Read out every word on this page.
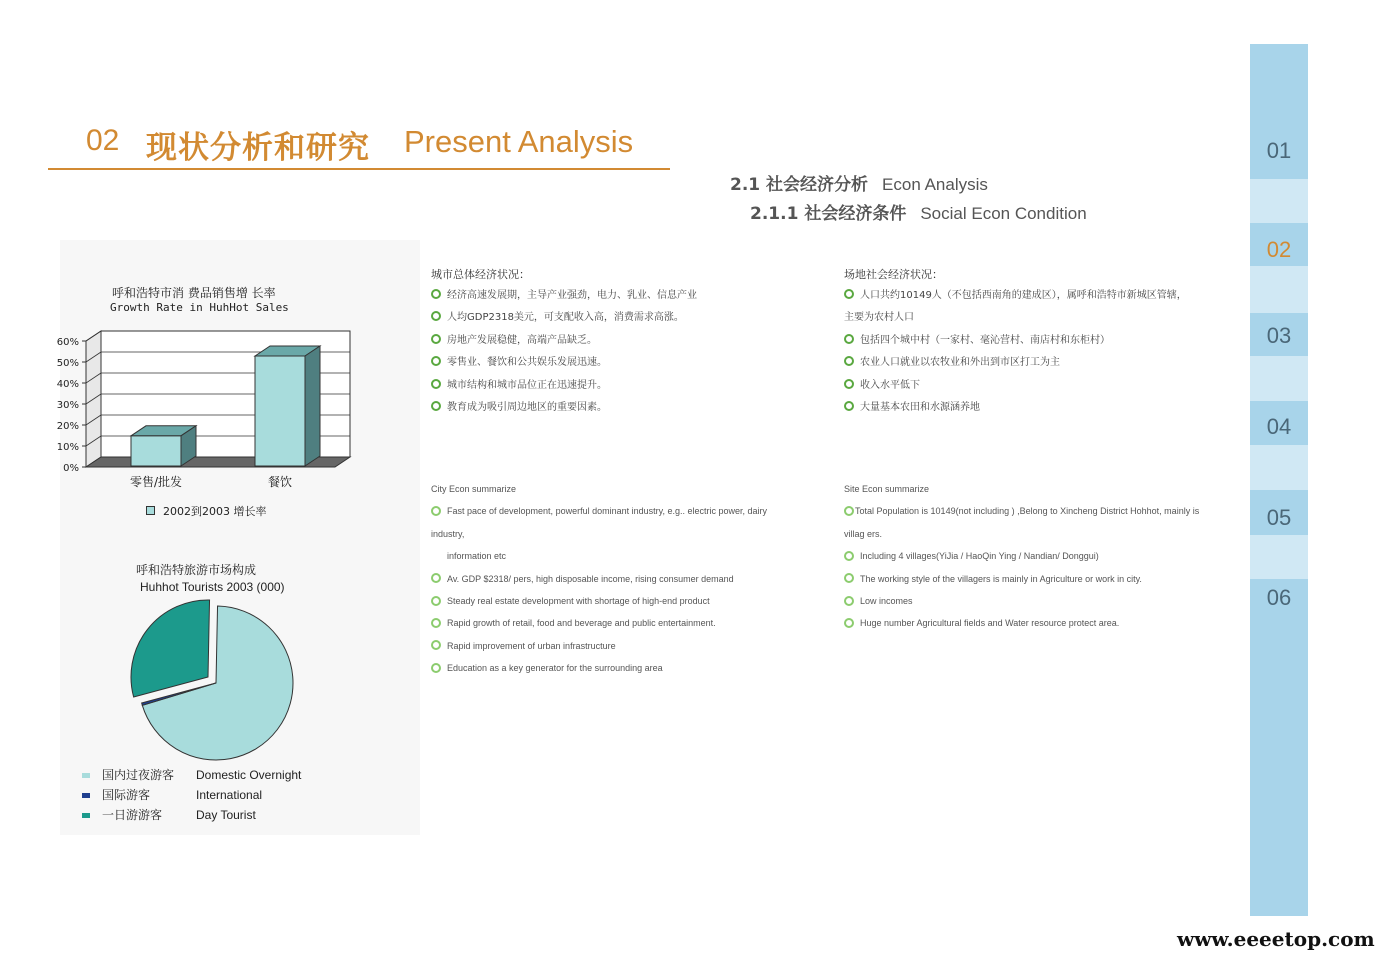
02 现状分析和研究 Present Analysis
2.1 社会经济分析 Econ Analysis
2.1.1 社会经济条件 Social Econ Condition
0%
10%
20%
30%
40%
50%
60%
零售/批发	餐饮
呼和浩特市消 费品销售增 长率
Growth Rate in HuhHot Sales
2002到2003 增长率
呼和浩特旅游市场构成
Huhhot Tourists 2003 (000)
国内过夜游客 Domestic Overnight
国际游客	International
一日游游客	Day Tourist
城市总体经济状况：
经济高速发展期，主导产业强劲，电力、乳业、信息产业
人均GDP2318美元，可支配收入高，消费需求高涨。
房地产发展稳健，高端产品缺乏。
零售业、餐饮和公共娱乐发展迅速。
城市结构和城市品位正在迅速提升。
教育成为吸引周边地区的重要因素。
场地社会经济状况：
人口共约10149人（不包括西南角的建成区），属呼和浩特市新城区管辖，
主要为农村人口
包括四个城中村（一家村、毫沁营村、南店村和东柜村）
农业人口就业以农牧业和外出到市区打工为主
收入水平低下
大量基本农田和水源涵养地
City Econ summarize
Fast pace of development, powerful dominant industry, e.g.. electric power, dairy
industry,
information etc
Av. GDP $2318/ pers, high disposable income, rising consumer demand
Steady real estate development with shortage of high-end product
Rapid growth of retail, food and beverage and public entertainment.
Rapid improvement of urban infrastructure
Education as a key generator for the surrounding area
Site Econ summarize
Total Population is 10149(not including ) ,Belong to Xincheng District Hohhot, mainly is
villag ers.
Including 4 villages(YiJia / HaoQin Ying / Nandian/ Donggui)
The working style of the villagers is mainly in Agriculture or work in city.
Low incomes
Huge number Agricultural fields and Water resource protect area.
01
02
03
04
05
06
www.eeeetop.com
